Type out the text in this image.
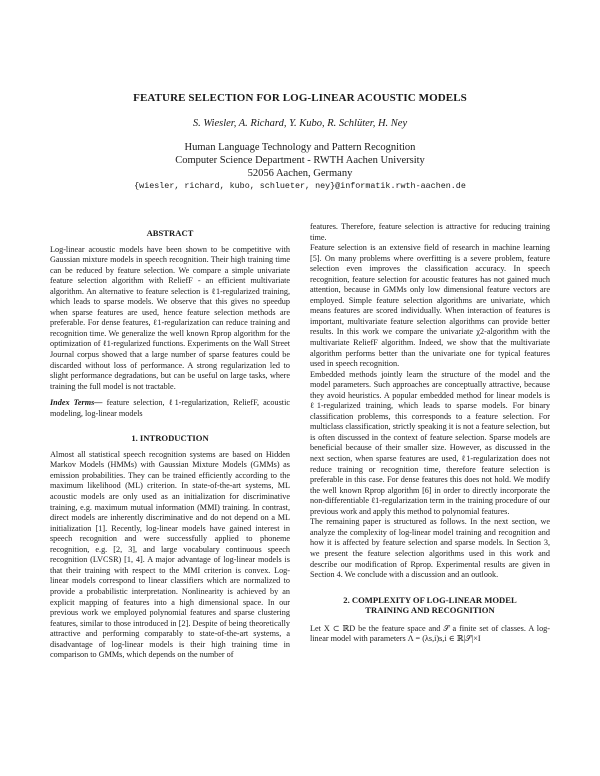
FEATURE SELECTION FOR LOG-LINEAR ACOUSTIC MODELS
S. Wiesler, A. Richard, Y. Kubo, R. Schlüter, H. Ney
Human Language Technology and Pattern Recognition
Computer Science Department - RWTH Aachen University
52056 Aachen, Germany
{wiesler, richard, kubo, schlueter, ney}@informatik.rwth-aachen.de
ABSTRACT

Log-linear acoustic models have been shown to be competitive with Gaussian mixture models in speech recognition. Their high training time can be reduced by feature selection. We compare a simple univariate feature selection algorithm with ReliefF - an efficient multivariate algorithm. An alternative to feature selection is ℓ1-regularized training, which leads to sparse models. We observe that this gives no speedup when sparse features are used, hence feature selection methods are preferable. For dense features, ℓ1-regularization can reduce training and recognition time. We generalize the well known Rprop algorithm for the optimization of ℓ1-regularized functions. Experiments on the Wall Street Journal corpus showed that a large number of sparse features could be discarded without loss of performance. A strong regularization led to slight performance degradations, but can be useful on large tasks, where training the full model is not tractable.

Index Terms— feature selection, ℓ1-regularization, ReliefF, acoustic modeling, log-linear models

1. INTRODUCTION

Almost all statistical speech recognition systems are based on Hidden Markov Models (HMMs) with Gaussian Mixture Models (GMMs) as emission probabilities. They can be trained efficiently according to the maximum likelihood (ML) criterion. In state-of-the-art systems, ML acoustic models are only used as an initialization for discriminative training, e.g. maximum mutual information (MMI) training. In contrast, direct models are inherently discriminative and do not depend on a ML initialization [1]. Recently, log-linear models have gained interest in speech recognition and were successfully applied to phoneme recognition, e.g. [2, 3], and large vocabulary continuous speech recognition (LVCSR) [1, 4]. A major advantage of log-linear models is that their training with respect to the MMI criterion is convex. Log-linear models correspond to linear classifiers which are normalized to provide a probabilistic interpretation. Nonlinearity is achieved by an explicit mapping of features into a high dimensional space. In our previous work we employed polynomial features and sparse clustering features, similar to those introduced in [2]. Despite of being theoretically attractive and performing comparably to state-of-the-art systems, a disadvantage of log-linear models is their high training time in comparison to GMMs, which depends on the number of

features. Therefore, feature selection is attractive for reducing training time.

Feature selection is an extensive field of research in machine learning [5]. On many problems where overfitting is a severe problem, feature selection even improves the classification accuracy. In speech recognition, feature selection for acoustic features has not gained much attention, because in GMMs only low dimensional feature vectors are employed. Simple feature selection algorithms are univariate, which means features are scored individually. When interaction of features is important, multivariate feature selection algorithms can provide better results. In this work we compare the univariate χ2-algorithm with the multivariate ReliefF algorithm. Indeed, we show that the multivariate algorithm performs better than the univariate one for typical features used in speech recognition.

Embedded methods jointly learn the structure of the model and the model parameters. Such approaches are conceptually attractive, because they avoid heuristics. A popular embedded method for linear models is ℓ1-regularized training, which leads to sparse models. For binary classification problems, this corresponds to a feature selection. For multiclass classification, strictly speaking it is not a feature selection, but is often discussed in the context of feature selection. Sparse models are beneficial because of their smaller size. However, as discussed in the next section, when sparse features are used, ℓ1-regularization does not reduce training or recognition time, therefore feature selection is preferable in this case. For dense features this does not hold. We modify the well known Rprop algorithm [6] in order to directly incorporate the non-differentiable ℓ1-regularization term in the training procedure of our previous work and apply this method to polynomial features.

The remaining paper is structured as follows. In the next section, we analyze the complexity of log-linear model training and recognition and how it is affected by feature selection and sparse models. In Section 3, we present the feature selection algorithms used in this work and describe our modification of Rprop. Experimental results are given in Section 4. We conclude with a discussion and an outlook.

2. COMPLEXITY OF LOG-LINEAR MODEL
TRAINING AND RECOGNITION

Let X ⊂ ℝD be the feature space and 𝒮 a finite set of classes. A log-linear model with parameters Λ = (λs,i)s,i ∈ ℝ|𝒮|×I
